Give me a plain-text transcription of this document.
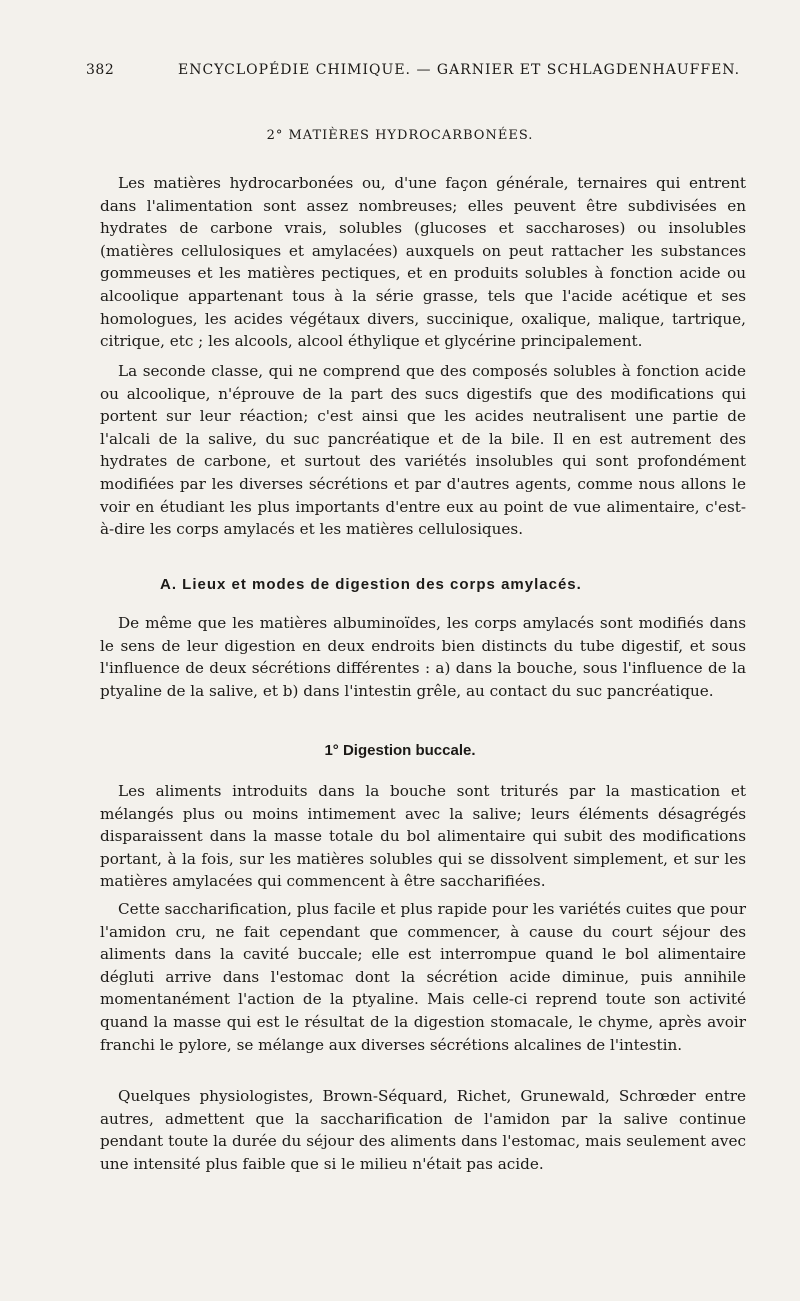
382	ENCYCLOPÉDIE CHIMIQUE. — GARNIER ET SCHLAGDENHAUFFEN.
2° MATIÈRES HYDROCARBONÉES.

Les matières hydrocarbonées ou, d'une façon générale, ternaires qui entrent dans l'alimentation sont assez nombreuses; elles peuvent être subdivisées en hydrates de carbone vrais, solubles (glucoses et saccharoses) ou insolubles (matières cellulosiques et amylacées) auxquels on peut rattacher les substances gommeuses et les matières pectiques, et en produits solubles à fonction acide ou alcoolique appartenant tous à la série grasse, tels que l'acide acétique et ses homologues, les acides végétaux divers, succinique, oxalique, malique, tartrique, citrique, etc ; les alcools, alcool éthylique et glycérine principalement.

La seconde classe, qui ne comprend que des composés solubles à fonction acide ou alcoolique, n'éprouve de la part des sucs digestifs que des modifications qui portent sur leur réaction; c'est ainsi que les acides neutralisent une partie de l'alcali de la salive, du suc pancréatique et de la bile. Il en est autrement des hydrates de carbone, et surtout des variétés insolubles qui sont profondément modifiées par les diverses sécrétions et par d'autres agents, comme nous allons le voir en étudiant les plus importants d'entre eux au point de vue alimentaire, c'est-à-dire les corps amylacés et les matières cellulosiques.

A. Lieux et modes de digestion des corps amylacés.

De même que les matières albuminoïdes, les corps amylacés sont modifiés dans le sens de leur digestion en deux endroits bien distincts du tube digestif, et sous l'influence de deux sécrétions différentes : a) dans la bouche, sous l'influence de la ptyaline de la salive, et b) dans l'intestin grêle, au contact du suc pancréatique.

1° Digestion buccale.

Les aliments introduits dans la bouche sont triturés par la mastication et mélangés plus ou moins intimement avec la salive; leurs éléments désagrégés disparaissent dans la masse totale du bol alimentaire qui subit des modifications portant, à la fois, sur les matières solubles qui se dissolvent simplement, et sur les matières amylacées qui commencent à être saccharifiées.

Cette saccharification, plus facile et plus rapide pour les variétés cuites que pour l'amidon cru, ne fait cependant que commencer, à cause du court séjour des aliments dans la cavité buccale; elle est interrompue quand le bol alimentaire dégluti arrive dans l'estomac dont la sécrétion acide diminue, puis annihile momentanément l'action de la ptyaline. Mais celle-ci reprend toute son activité quand la masse qui est le résultat de la digestion stomacale, le chyme, après avoir franchi le pylore, se mélange aux diverses sécrétions alcalines de l'intestin.

Quelques physiologistes, Brown-Séquard, Richet, Grunewald, Schrœder entre autres, admettent que la saccharification de l'amidon par la salive continue pendant toute la durée du séjour des aliments dans l'estomac, mais seulement avec une intensité plus faible que si le milieu n'était pas acide.
